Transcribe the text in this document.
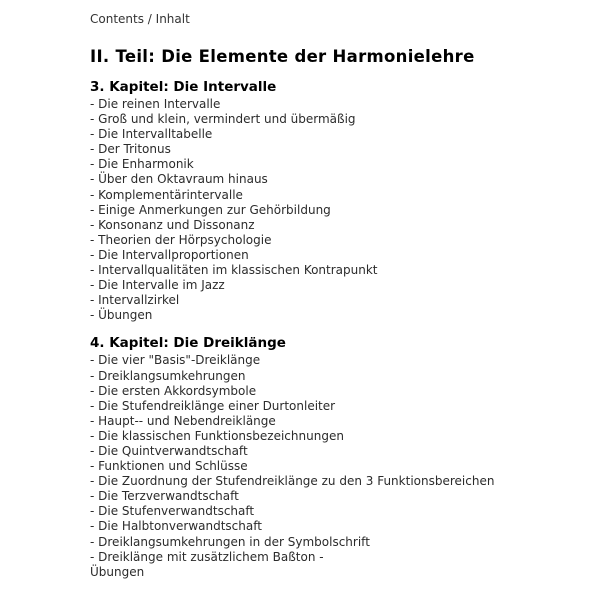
Contents / Inhalt
II. Teil: Die Elemente der Harmonielehre
3. Kapitel: Die Intervalle
- Die reinen Intervalle
- Groß und klein, vermindert und übermäßig
- Die Intervalltabelle
- Der Tritonus
- Die Enharmonik
- Über den Oktavraum hinaus
- Komplementärintervalle
- Einige Anmerkungen zur Gehörbildung
- Konsonanz und Dissonanz
- Theorien der Hörpsychologie
- Die Intervallproportionen
- Intervallqualitäten im klassischen Kontrapunkt
- Die Intervalle im Jazz
- Intervallzirkel
- Übungen
4. Kapitel: Die Dreiklänge
- Die vier "Basis"-Dreiklänge
- Dreiklangsumkehrungen
- Die ersten Akkordsymbole
- Die Stufendreiklänge einer Durtonleiter
- Haupt-- und Nebendreiklänge
- Die klassischen Funktionsbezeichnungen
- Die Quintverwandtschaft
- Funktionen und Schlüsse
- Die Zuordnung der Stufendreiklänge zu den 3 Funktionsbereichen
- Die Terzverwandtschaft
- Die Stufenverwandtschaft
- Die Halbtonverwandtschaft
- Dreiklangsumkehrungen in der Symbolschrift
- Dreiklänge mit zusätzlichem Baßton -
Übungen
